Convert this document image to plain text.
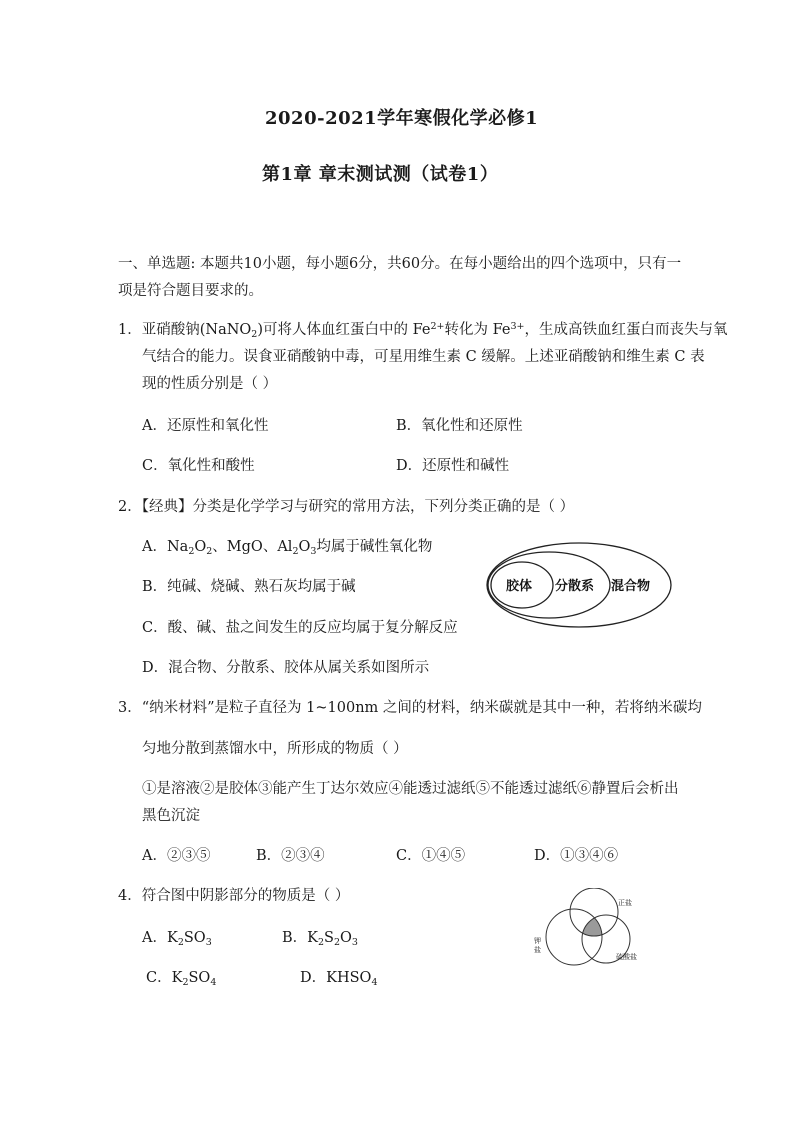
2020-2021学年寒假化学必修1
第1章 章末测试测（试卷1）
一、单选题: 本题共10小题，每小题6分，共60分。在每小题给出的四个选项中，只有一
项是符合题目要求的。
1．亚硝酸钠(NaNO$_2$)可将人体血红蛋白中的 $Fe^{2+}$转化为 $Fe^{3+}$，生成高铁血红蛋白而丧失与氧
气结合的能力。误食亚硝酸钠中毒，可星用维生素 C 缓解。上述亚硝酸钠和维生素 C 表
现的性质分别是（ ）
A．还原性和氧化性	B．氧化性和还原性
C．氧化性和酸性	D．还原性和碱性
2．【经典】分类是化学学习与研究的常用方法，下列分类正确的是（ ）
A．$Na_2O_2$、MgO、$Al_2O_3$均属于碱性氧化物
B．纯碱、烧碱、熟石灰均属于碱
C．酸、碱、盐之间发生的反应均属于复分解反应
D．混合物、分散系、胶体从属关系如图所示
胶体 分散系 混合物
3．“纳米材料”是粒子直径为 1~100nm 之间的材料，纳米碳就是其中一种，若将纳米碳均
匀地分散到蒸馏水中，所形成的物质（ ）
①是溶液②是胶体③能产生丁达尔效应④能透过滤纸⑤不能透过滤纸⑥静置后会析出
黑色沉淀
A．②③⑤	B．②③④	C．①④⑤	D．①③④⑥
4．符合图中阴影部分的物质是（ ）
A．$K_2SO_3$	B．$K_2S_2O_3$
C．$K_2SO_4$	D．$KHSO_4$
正盐
钾
盐
硫酸盐
